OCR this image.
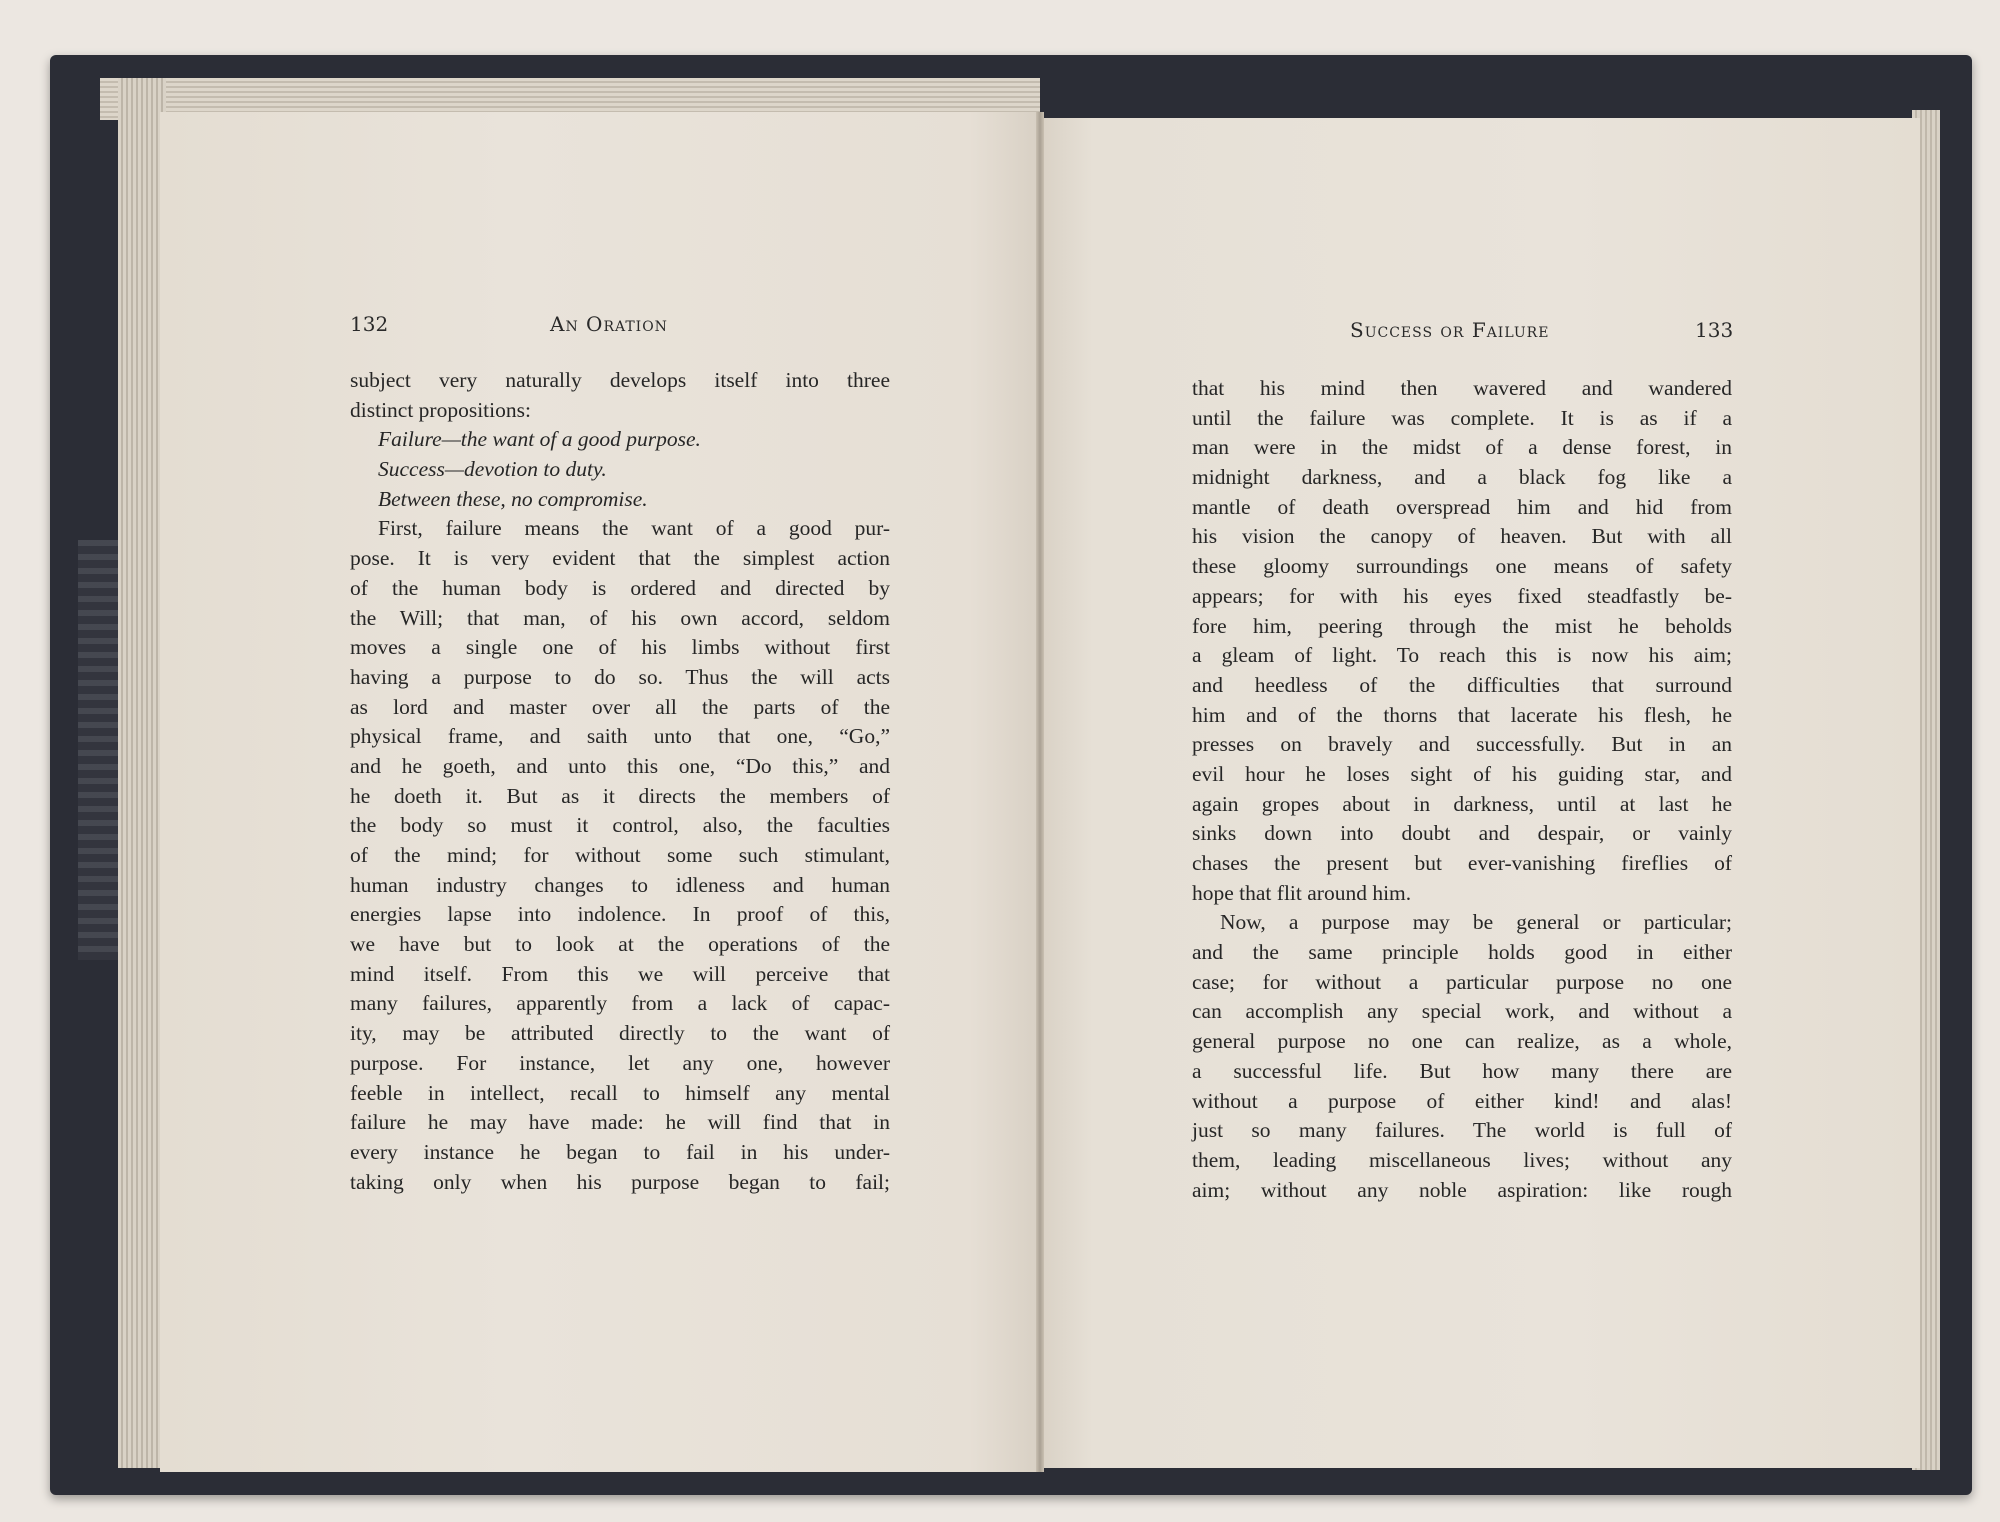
132	An Oration
subject very naturally develops itself into three
distinct propositions:
Failure—the want of a good purpose.
Success—devotion to duty.
Between these, no compromise.
First, failure means the want of a good pur-
pose. It is very evident that the simplest action
of the human body is ordered and directed by
the Will; that man, of his own accord, seldom
moves a single one of his limbs without first
having a purpose to do so. Thus the will acts
as lord and master over all the parts of the
physical frame, and saith unto that one, “Go,”
and he goeth, and unto this one, “Do this,” and
he doeth it. But as it directs the members of
the body so must it control, also, the faculties
of the mind; for without some such stimulant,
human industry changes to idleness and human
energies lapse into indolence. In proof of this,
we have but to look at the operations of the
mind itself. From this we will perceive that
many failures, apparently from a lack of capac-
ity, may be attributed directly to the want of
purpose. For instance, let any one, however
feeble in intellect, recall to himself any mental
failure he may have made: he will find that in
every instance he began to fail in his under-
taking only when his purpose began to fail;
Success or Failure	133
that his mind then wavered and wandered
until the failure was complete. It is as if a
man were in the midst of a dense forest, in
midnight darkness, and a black fog like a
mantle of death overspread him and hid from
his vision the canopy of heaven. But with all
these gloomy surroundings one means of safety
appears; for with his eyes fixed steadfastly be-
fore him, peering through the mist he beholds
a gleam of light. To reach this is now his aim;
and heedless of the difficulties that surround
him and of the thorns that lacerate his flesh, he
presses on bravely and successfully. But in an
evil hour he loses sight of his guiding star, and
again gropes about in darkness, until at last he
sinks down into doubt and despair, or vainly
chases the present but ever-vanishing fireflies of
hope that flit around him.
Now, a purpose may be general or particular;
and the same principle holds good in either
case; for without a particular purpose no one
can accomplish any special work, and without a
general purpose no one can realize, as a whole,
a successful life. But how many there are
without a purpose of either kind! and alas!
just so many failures. The world is full of
them, leading miscellaneous lives; without any
aim; without any noble aspiration: like rough
